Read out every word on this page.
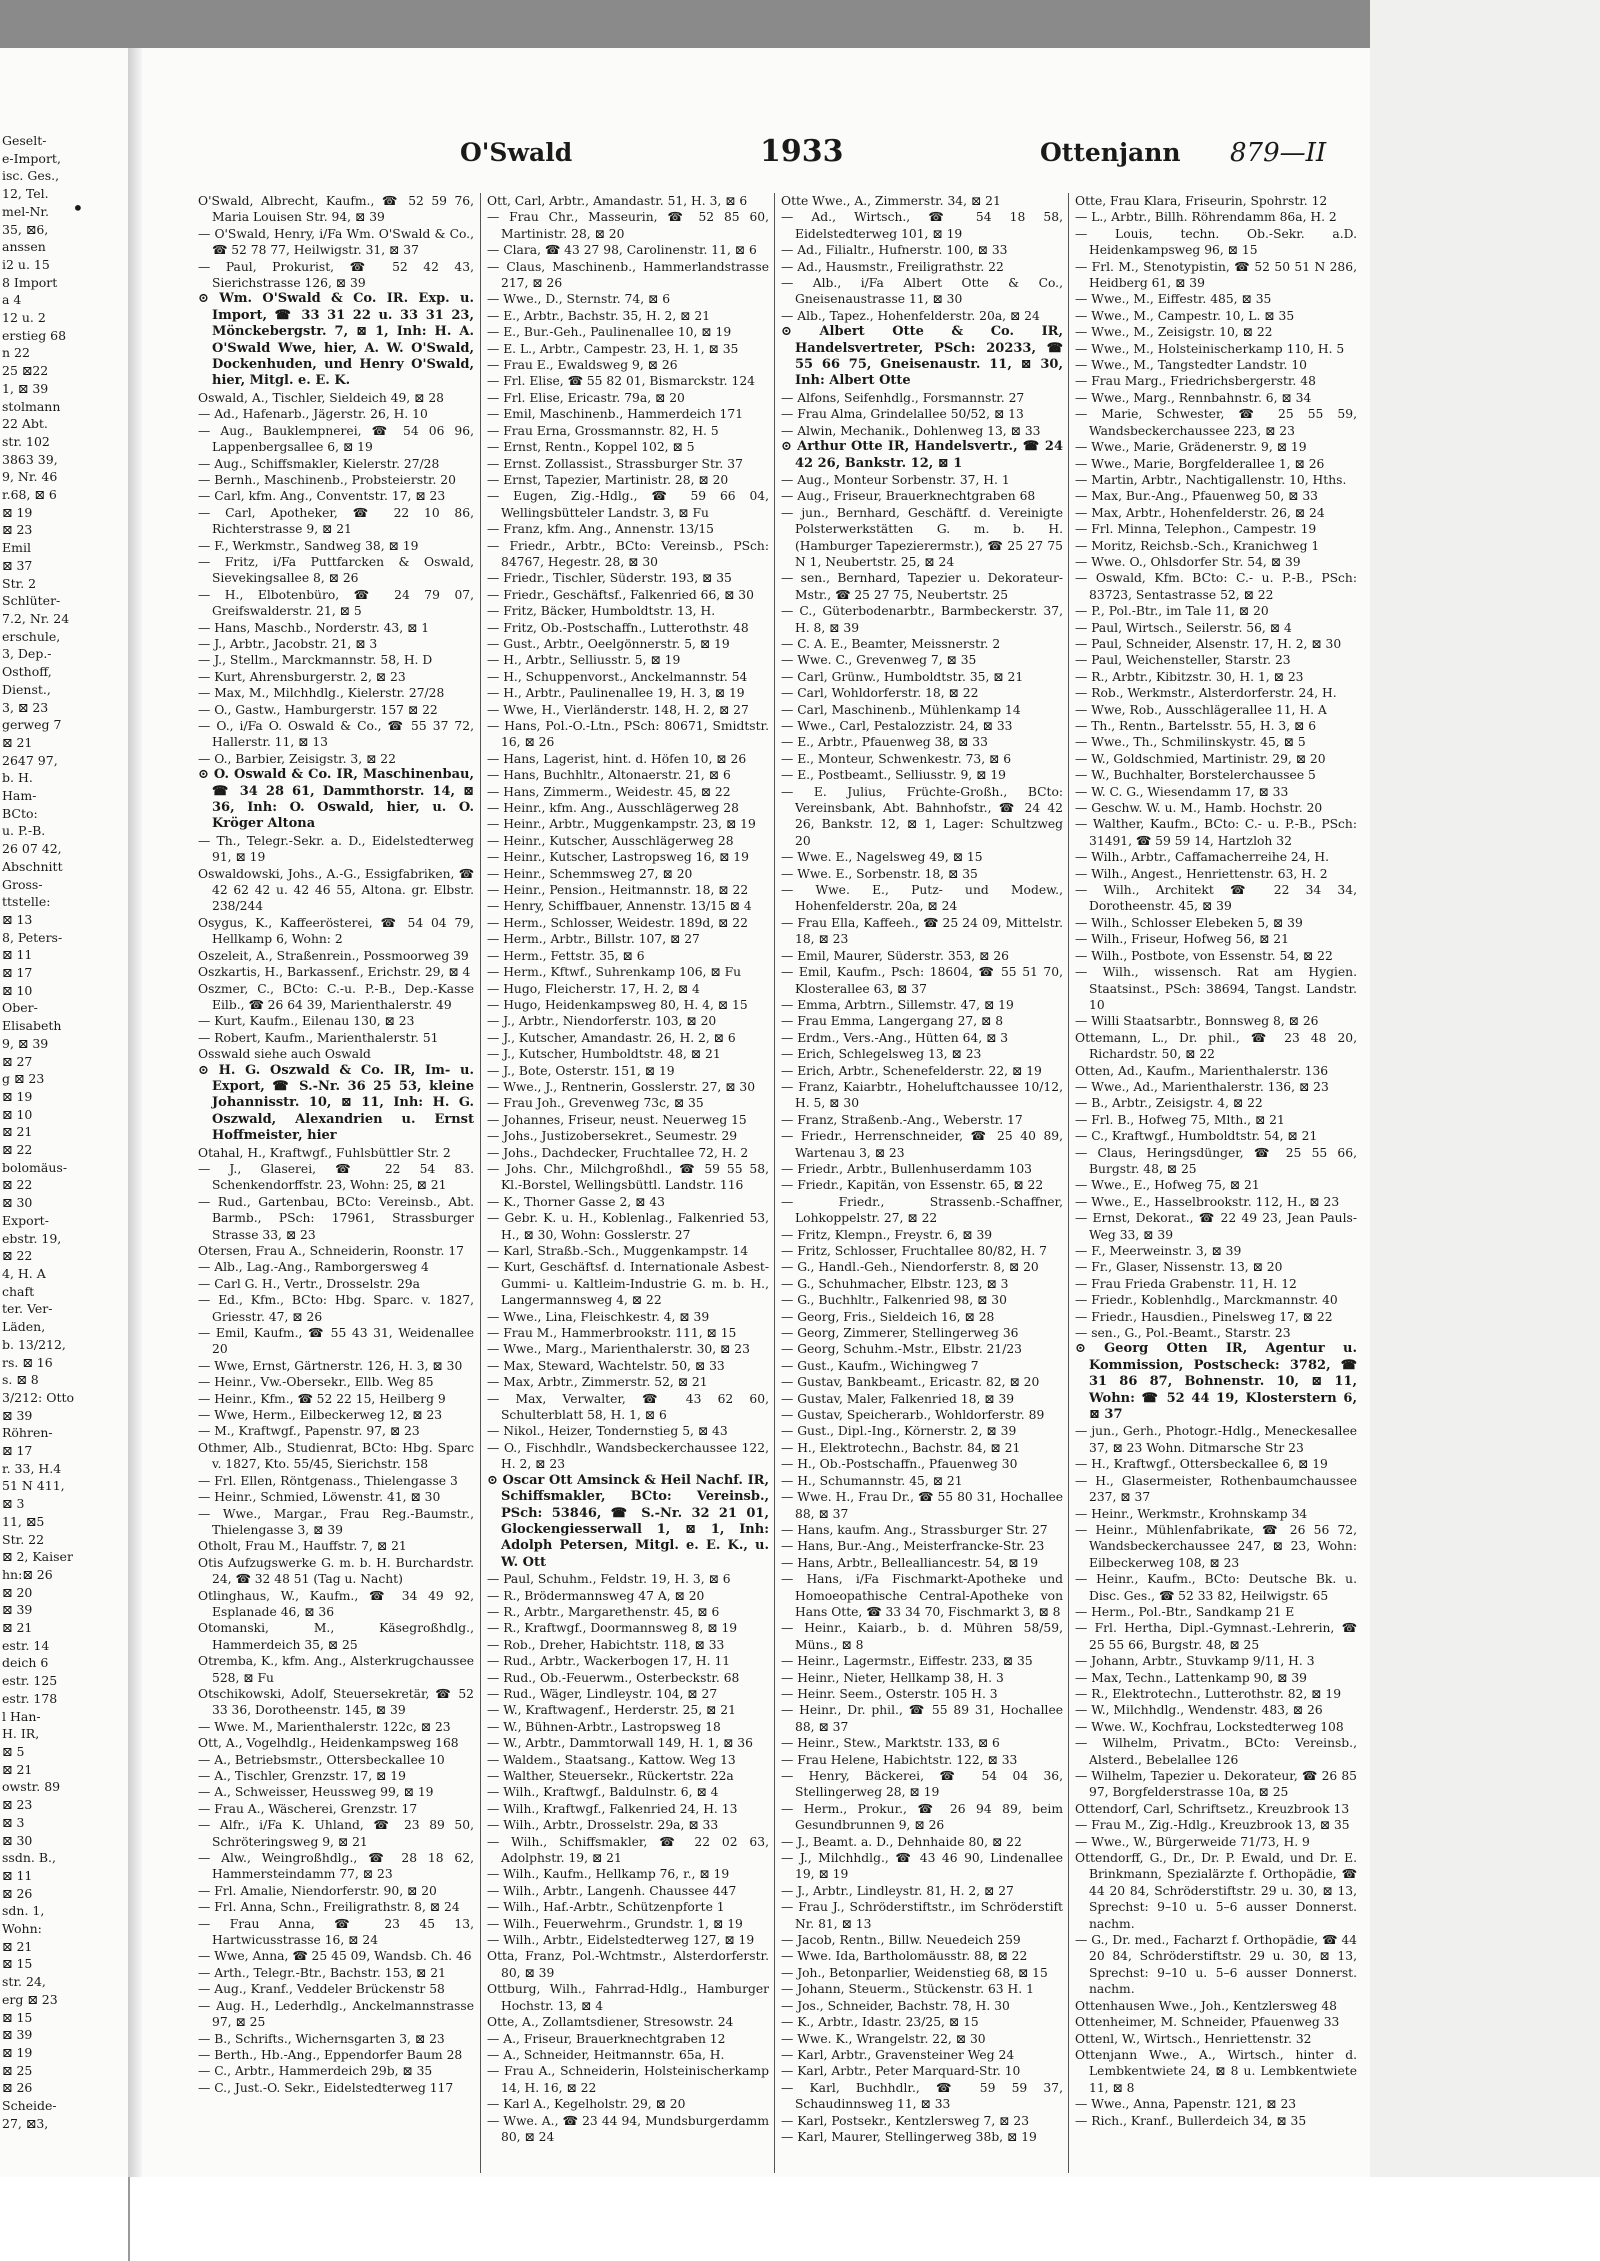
Geselt-
e-Import,
isc. Ges.,
12, Tel.
mel-Nr.
35, ⊠6,
anssen
i2 u. 15
8 Import
a 4
12 u. 2
erstieg 68
n 22
25 ⊠22
1, ⊠ 39
stolmann
22 Abt.
str. 102
3863 39,
9, Nr. 46
r.68, ⊠ 6
⊠ 19
⊠ 23
Emil
⊠ 37
Str. 2
Schlüter-
7.2, Nr. 24
erschule,
3, Dep.-
Osthoff,
Dienst.,
3, ⊠ 23
gerweg 7
⊠ 21
2647 97,
b. H.
Ham-
BCto:
u. P.-B.
26 07 42,
Abschnitt
Gross-
ttstelle:
⊠ 13
8, Peters-
⊠ 11
⊠ 17
⊠ 10
Ober-
Elisabeth
9, ⊠ 39
⊠ 27
g ⊠ 23
⊠ 19
⊠ 10
⊠ 21
⊠ 22
bolomäus-
⊠ 22
⊠ 30
Export-
ebstr. 19,
⊠ 22
4, H. A
chaft
ter. Ver-
Läden,
b. 13/212,
rs. ⊠ 16
s. ⊠ 8
3/212: Otto
⊠ 39
Röhren-
⊠ 17
r. 33, H.4
51 N 411,
⊠ 3
11, ⊠5
Str. 22
⊠ 2, Kaiser
hn:⊠ 26
⊠ 20
⊠ 39
⊠ 21
estr. 14
deich 6
estr. 125
estr. 178
l Han-
H. IR,
⊠ 5
⊠ 21
owstr. 89
⊠ 23
⊠ 3
⊠ 30
ssdn. B.,
⊠ 11
⊠ 26
sdn. 1,
Wohn:
⊠ 21
⊠ 15
str. 24,
erg ⊠ 23
⊠ 15
⊠ 39
⊠ 19
⊠ 25
⊠ 26
Scheide-
27, ⊠3,
•
O'Swald	1933	Ottenjann 879—II

O'Swald, Albrecht, Kaufm., ☎ 52 59 76, Maria Louisen Str. 94, ⊠ 39

— O'Swald, Henry, i/Fa Wm. O'Swald & Co., ☎ 52 78 77, Heilwigstr. 31, ⊠ 37

— Paul, Prokurist, ☎ 52 42 43, Sierichstrasse 126, ⊠ 39

⊙ Wm. O'Swald & Co. IR. Exp. u. Import, ☎ 33 31 22 u. 33 31 23, Mönckebergstr. 7, ⊠ 1, Inh: H. A. O'Swald Wwe, hier, A. W. O'Swald, Dockenhuden, und Henry O'Swald, hier, Mitgl. e. E. K.

Oswald, A., Tischler, Sieldeich 49, ⊠ 28

— Ad., Hafenarb., Jägerstr. 26, H. 10

— Aug., Bauklempnerei, ☎ 54 06 96, Lappenbergsallee 6, ⊠ 19

— Aug., Schiffsmakler, Kielerstr. 27/28

— Bernh., Maschinenb., Probsteierstr. 20

— Carl, kfm. Ang., Conventstr. 17, ⊠ 23

— Carl, Apotheker, ☎ 22 10 86, Richterstrasse 9, ⊠ 21

— F., Werkmstr., Sandweg 38, ⊠ 19

— Fritz, i/Fa Puttfarcken & Oswald, Sievekingsallee 8, ⊠ 26

— H., Elbotenbüro, ☎ 24 79 07, Greifswalderstr. 21, ⊠ 5

— Hans, Maschb., Norderstr. 43, ⊠ 1

— J., Arbtr., Jacobstr. 21, ⊠ 3

— J., Stellm., Marckmannstr. 58, H. D

— Kurt, Ahrensburgerstr. 2, ⊠ 23

— Max, M., Milchhdlg., Kielerstr. 27/28

— O., Gastw., Hamburgerstr. 157 ⊠ 22

— O., i/Fa O. Oswald & Co., ☎ 55 37 72, Hallerstr. 11, ⊠ 13

— O., Barbier, Zeisigstr. 3, ⊠ 22

⊙ O. Oswald & Co. IR, Maschinenbau, ☎ 34 28 61, Dammthorstr. 14, ⊠ 36, Inh: O. Oswald, hier, u. O. Kröger Altona

— Th., Telegr.-Sekr. a. D., Eidelstedterweg 91, ⊠ 19

Oswaldowski, Johs., A.-G., Essigfabriken, ☎ 42 62 42 u. 42 46 55, Altona. gr. Elbstr. 238/244

Osygus, K., Kaffeerösterei, ☎ 54 04 79, Hellkamp 6, Wohn: 2

Oszeleit, A., Straßenrein., Possmoorweg 39

Oszkartis, H., Barkassenf., Erichstr. 29, ⊠ 4

Oszmer, C., BCto: C.-u. P.-B., Dep.-Kasse Eilb., ☎ 26 64 39, Marienthalerstr. 49

— Kurt, Kaufm., Eilenau 130, ⊠ 23

— Robert, Kaufm., Marienthalerstr. 51

Osswald siehe auch Oswald

⊙ H. G. Oszwald & Co. IR, Im- u. Export, ☎ S.-Nr. 36 25 53, kleine Johannisstr. 10, ⊠ 11, Inh: H. G. Oszwald, Alexandrien u. Ernst Hoffmeister, hier

Otahal, H., Kraftwgf., Fuhlsbüttler Str. 2

— J., Glaserei, ☎ 22 54 83. Schenkendorffstr. 23, Wohn: 25, ⊠ 21

— Rud., Gartenbau, BCto: Vereinsb., Abt. Barmb., PSch: 17961, Strassburger Strasse 33, ⊠ 23

Otersen, Frau A., Schneiderin, Roonstr. 17

— Alb., Lag.-Ang., Ramborgersweg 4

— Carl G. H., Vertr., Drosselstr. 29a

— Ed., Kfm., BCto: Hbg. Sparc. v. 1827, Griesstr. 47, ⊠ 26

— Emil, Kaufm., ☎ 55 43 31, Weidenallee 20

— Wwe, Ernst, Gärtnerstr. 126, H. 3, ⊠ 30

— Heinr., Vw.-Obersekr., Ellb. Weg 85

— Heinr., Kfm., ☎ 52 22 15, Heilberg 9

— Wwe, Herm., Eilbeckerweg 12, ⊠ 23

— M., Kraftwgf., Papenstr. 97, ⊠ 23

Othmer, Alb., Studienrat, BCto: Hbg. Sparc v. 1827, Kto. 55/45, Sierichstr. 158

— Frl. Ellen, Röntgenass., Thielengasse 3

— Heinr., Schmied, Löwenstr. 41, ⊠ 30

— Wwe., Margar., Frau Reg.-Baumstr., Thielengasse 3, ⊠ 39

Otholt, Frau M., Hauffstr. 7, ⊠ 21

Otis Aufzugswerke G. m. b. H. Burchardstr. 24, ☎ 32 48 51 (Tag u. Nacht)

Otlinghaus, W., Kaufm., ☎ 34 49 92, Esplanade 46, ⊠ 36

Otomanski, M., Käsegroßhdlg., Hammerdeich 35, ⊠ 25

Otremba, K., kfm. Ang., Alsterkrugchaussee 528, ⊠ Fu

Otschikowski, Adolf, Steuersekretär, ☎ 52 33 36, Dorotheenstr. 145, ⊠ 39

— Wwe. M., Marienthalerstr. 122c, ⊠ 23

Ott, A., Vogelhdlg., Heidenkampsweg 168

— A., Betriebsmstr., Ottersbeckallee 10

— A., Tischler, Grenzstr. 17, ⊠ 19

— A., Schweisser, Heussweg 99, ⊠ 19

— Frau A., Wäscherei, Grenzstr. 17

— Alfr., i/Fa K. Uhland, ☎ 23 89 50, Schröteringsweg 9, ⊠ 21

— Alw., Weingroßhdlg., ☎ 28 18 62, Hammersteindamm 77, ⊠ 23

— Frl. Amalie, Niendorferstr. 90, ⊠ 20

— Frl. Anna, Schn., Freiligrathstr. 8, ⊠ 24

— Frau Anna, ☎ 23 45 13, Hartwicusstrasse 16, ⊠ 24

— Wwe, Anna, ☎ 25 45 09, Wandsb. Ch. 46

— Arth., Telegr.-Btr., Bachstr. 153, ⊠ 21

— Aug., Kranf., Veddeler Brückenstr 58

— Aug. H., Lederhdlg., Anckelmannstrasse 97, ⊠ 25

— B., Schrifts., Wichernsgarten 3, ⊠ 23

— Berth., Hb.-Ang., Eppendorfer Baum 28

— C., Arbtr., Hammerdeich 29b, ⊠ 35

— C., Just.-O. Sekr., Eidelstedterweg 117

Ott, Carl, Arbtr., Amandastr. 51, H. 3, ⊠ 6

— Frau Chr., Masseurin, ☎ 52 85 60, Martinistr. 28, ⊠ 20

— Clara, ☎ 43 27 98, Carolinenstr. 11, ⊠ 6

— Claus, Maschinenb., Hammerlandstrasse 217, ⊠ 26

— Wwe., D., Sternstr. 74, ⊠ 6

— E., Arbtr., Bachstr. 35, H. 2, ⊠ 21

— E., Bur.-Geh., Paulinenallee 10, ⊠ 19

— E. L., Arbtr., Campestr. 23, H. 1, ⊠ 35

— Frau E., Ewaldsweg 9, ⊠ 26

— Frl. Elise, ☎ 55 82 01, Bismarckstr. 124

— Frl. Elise, Ericastr. 79a, ⊠ 20

— Emil, Maschinenb., Hammerdeich 171

— Frau Erna, Grossmannstr. 82, H. 5

— Ernst, Rentn., Koppel 102, ⊠ 5

— Ernst. Zollassist., Strassburger Str. 37

— Ernst, Tapezier, Martinistr. 28, ⊠ 20

— Eugen, Zig.-Hdlg., ☎ 59 66 04, Wellingsbütteler Landstr. 3, ⊠ Fu

— Franz, kfm. Ang., Annenstr. 13/15

— Friedr., Arbtr., BCto: Vereinsb., PSch: 84767, Hegestr. 28, ⊠ 30

— Friedr., Tischler, Süderstr. 193, ⊠ 35

— Friedr., Geschäftsf., Falkenried 66, ⊠ 30

— Fritz, Bäcker, Humboldtstr. 13, H.

— Fritz, Ob.-Postschaffn., Lutterothstr. 48

— Gust., Arbtr., Oeelgönnerstr. 5, ⊠ 19

— H., Arbtr., Selliusstr. 5, ⊠ 19

— H., Schuppenvorst., Anckelmannstr. 54

— H., Arbtr., Paulinenallee 19, H. 3, ⊠ 19

— Wwe, H., Vierländerstr. 148, H. 2, ⊠ 27

— Hans, Pol.-O.-Ltn., PSch: 80671, Smidtstr. 16, ⊠ 26

— Hans, Lagerist, hint. d. Höfen 10, ⊠ 26

— Hans, Buchhltr., Altonaerstr. 21, ⊠ 6

— Hans, Zimmerm., Weidestr. 45, ⊠ 22

— Heinr., kfm. Ang., Ausschlägerweg 28

— Heinr., Arbtr., Muggenkampstr. 23, ⊠ 19

— Heinr., Kutscher, Ausschlägerweg 28

— Heinr., Kutscher, Lastropsweg 16, ⊠ 19

— Heinr., Schemmsweg 27, ⊠ 20

— Heinr., Pension., Heitmannstr. 18, ⊠ 22

— Henry, Schiffbauer, Annenstr. 13/15 ⊠ 4

— Herm., Schlosser, Weidestr. 189d, ⊠ 22

— Herm., Arbtr., Billstr. 107, ⊠ 27

— Herm., Fettstr. 35, ⊠ 6

— Herm., Kftwf., Suhrenkamp 106, ⊠ Fu

— Hugo, Fleicherstr. 17, H. 2, ⊠ 4

— Hugo, Heidenkampsweg 80, H. 4, ⊠ 15

— J., Arbtr., Niendorferstr. 103, ⊠ 20

— J., Kutscher, Amandastr. 26, H. 2, ⊠ 6

— J., Kutscher, Humboldtstr. 48, ⊠ 21

— J., Bote, Osterstr. 151, ⊠ 19

— Wwe., J., Rentnerin, Gosslerstr. 27, ⊠ 30

— Frau Joh., Grevenweg 73c, ⊠ 35

— Johannes, Friseur, neust. Neuerweg 15

— Johs., Justizobersekret., Seumestr. 29

— Johs., Dachdecker, Fruchtallee 72, H. 2

— Johs. Chr., Milchgroßhdl., ☎ 59 55 58, Kl.-Borstel, Wellingsbüttl. Landstr. 116

— K., Thorner Gasse 2, ⊠ 43

— Gebr. K. u. H., Koblenlag., Falkenried 53, H., ⊠ 30, Wohn: Gosslerstr. 27

— Karl, Straßb.-Sch., Muggenkampstr. 14

— Kurt, Geschäftsf. d. Internationale Asbest-Gummi- u. Kaltleim-Industrie G. m. b. H., Langermannsweg 4, ⊠ 22

— Wwe., Lina, Fleischkestr. 4, ⊠ 39

— Frau M., Hammerbrookstr. 111, ⊠ 15

— Wwe., Marg., Marienthalerstr. 30, ⊠ 23

— Max, Steward, Wachtelstr. 50, ⊠ 33

— Max, Arbtr., Zimmerstr. 52, ⊠ 21

— Max, Verwalter, ☎ 43 62 60, Schulterblatt 58, H. 1, ⊠ 6

— Nikol., Heizer, Tondernstieg 5, ⊠ 43

— O., Fischhdlr., Wandsbeckerchaussee 122, H. 2, ⊠ 23

⊙ Oscar Ott Amsinck & Heil Nachf. IR, Schiffsmakler, BCto: Vereinsb., PSch: 53846, ☎ S.-Nr. 32 21 01, Glockengiesserwall 1, ⊠ 1, Inh: Adolph Petersen, Mitgl. e. E. K., u. W. Ott

— Paul, Schuhm., Feldstr. 19, H. 3, ⊠ 6

— R., Brödermannsweg 47 A, ⊠ 20

— R., Arbtr., Margarethenstr. 45, ⊠ 6

— R., Kraftwgf., Doormannsweg 8, ⊠ 19

— Rob., Dreher, Habichtstr. 118, ⊠ 33

— Rud., Arbtr., Wackerbogen 17, H. 11

— Rud., Ob.-Feuerwm., Osterbeckstr. 68

— Rud., Wäger, Lindleystr. 104, ⊠ 27

— W., Kraftwagenf., Herderstr. 25, ⊠ 21

— W., Bühnen-Arbtr., Lastropsweg 18

— W., Arbtr., Dammtorwall 149, H. 1, ⊠ 36

— Waldem., Staatsang., Kattow. Weg 13

— Walther, Steuersekr., Rückertstr. 22a

— Wilh., Kraftwgf., Baldulnstr. 6, ⊠ 4

— Wilh., Kraftwgf., Falkenried 24, H. 13

— Wilh., Arbtr., Drosselstr. 29a, ⊠ 33

— Wilh., Schiffsmakler, ☎ 22 02 63, Adolphstr. 19, ⊠ 21

— Wilh., Kaufm., Hellkamp 76, r., ⊠ 19

— Wilh., Arbtr., Langenh. Chaussee 447

— Wilh., Haf.-Arbtr., Schützenpforte 1

— Wilh., Feuerwehrm., Grundstr. 1, ⊠ 19

— Wilh., Arbtr., Eidelstedterweg 127, ⊠ 19

Otta, Franz, Pol.-Wchtmstr., Alsterdorferstr. 80, ⊠ 39

Ottburg, Wilh., Fahrrad-Hdlg., Hamburger Hochstr. 13, ⊠ 4

Otte, A., Zollamtsdiener, Stresowstr. 24

— A., Friseur, Brauerknechtgraben 12

— A., Schneider, Heitmannstr. 65a, H.

— Frau A., Schneiderin, Holsteinischerkamp 14, H. 16, ⊠ 22

— Karl A., Kegelholstr. 29, ⊠ 20

— Wwe. A., ☎ 23 44 94, Mundsburgerdamm 80, ⊠ 24

Otte Wwe., A., Zimmerstr. 34, ⊠ 21

— Ad., Wirtsch., ☎ 54 18 58, Eidelstedterweg 101, ⊠ 19

— Ad., Filialtr., Hufnerstr. 100, ⊠ 33

— Ad., Hausmstr., Freiligrathstr. 22

— Alb., i/Fa Albert Otte & Co., Gneisenaustrasse 11, ⊠ 30

— Alb., Tapez., Hohenfelderstr. 20a, ⊠ 24

⊙ Albert Otte & Co. IR, Handelsvertreter, PSch: 20233, ☎ 55 66 75, Gneisenaustr. 11, ⊠ 30, Inh: Albert Otte

— Alfons, Seifenhdlg., Forsmannstr. 27

— Frau Alma, Grindelallee 50/52, ⊠ 13

— Alwin, Mechanik., Dohlenweg 13, ⊠ 33

⊙ Arthur Otte IR, Handelsvertr., ☎ 24 42 26, Bankstr. 12, ⊠ 1

— Aug., Monteur Sorbenstr. 37, H. 1

— Aug., Friseur, Brauerknechtgraben 68

— jun., Bernhard, Geschäftf. d. Vereinigte Polsterwerkstätten G. m. b. H. (Hamburger Tapezierermstr.), ☎ 25 27 75 N 1, Neubertstr. 25, ⊠ 24

— sen., Bernhard, Tapezier u. Dekorateur-Mstr., ☎ 25 27 75, Neubertstr. 25

— C., Güterbodenarbtr., Barmbeckerstr. 37, H. 8, ⊠ 39

— C. A. E., Beamter, Meissnerstr. 2

— Wwe. C., Grevenweg 7, ⊠ 35

— Carl, Grünw., Humboldtstr. 35, ⊠ 21

— Carl, Wohldorferstr. 18, ⊠ 22

— Carl, Maschinenb., Mühlenkamp 14

— Wwe., Carl, Pestalozzistr. 24, ⊠ 33

— E., Arbtr., Pfauenweg 38, ⊠ 33

— E., Monteur, Schwenkestr. 73, ⊠ 6

— E., Postbeamt., Selliusstr. 9, ⊠ 19

— E. Julius, Früchte-Großh., BCto: Vereinsbank, Abt. Bahnhofstr., ☎ 24 42 26, Bankstr. 12, ⊠ 1, Lager: Schultzweg 20

— Wwe. E., Nagelsweg 49, ⊠ 15

— Wwe. E., Sorbenstr. 18, ⊠ 35

— Wwe. E., Putz- und Modew., Hohenfelderstr. 20a, ⊠ 24

— Frau Ella, Kaffeeh., ☎ 25 24 09, Mittelstr. 18, ⊠ 23

— Emil, Maurer, Süderstr. 353, ⊠ 26

— Emil, Kaufm., Psch: 18604, ☎ 55 51 70, Klosterallee 63, ⊠ 37

— Emma, Arbtrn., Sillemstr. 47, ⊠ 19

— Frau Emma, Langergang 27, ⊠ 8

— Erdm., Vers.-Ang., Hütten 64, ⊠ 3

— Erich, Schlegelsweg 13, ⊠ 23

— Erich, Arbtr., Schenefelderstr. 22, ⊠ 19

— Franz, Kaiarbtr., Hoheluftchaussee 10/12, H. 5, ⊠ 30

— Franz, Straßenb.-Ang., Weberstr. 17

— Friedr., Herrenschneider, ☎ 25 40 89, Wartenau 3, ⊠ 23

— Friedr., Arbtr., Bullenhuserdamm 103

— Friedr., Kapitän, von Essenstr. 65, ⊠ 22

— Friedr., Strassenb.-Schaffner, Lohkoppelstr. 27, ⊠ 22

— Fritz, Klempn., Freystr. 6, ⊠ 39

— Fritz, Schlosser, Fruchtallee 80/82, H. 7

— G., Handl.-Geh., Niendorferstr. 8, ⊠ 20

— G., Schuhmacher, Elbstr. 123, ⊠ 3

— G., Buchhltr., Falkenried 98, ⊠ 30

— Georg, Fris., Sieldeich 16, ⊠ 28

— Georg, Zimmerer, Stellingerweg 36

— Georg, Schuhm.-Mstr., Elbstr. 21/23

— Gust., Kaufm., Wichingweg 7

— Gustav, Bankbeamt., Ericastr. 82, ⊠ 20

— Gustav, Maler, Falkenried 18, ⊠ 39

— Gustav, Speicherarb., Wohldorferstr. 89

— Gust., Dipl.-Ing., Körnerstr. 2, ⊠ 39

— H., Elektrotechn., Bachstr. 84, ⊠ 21

— H., Ob.-Postschaffn., Pfauenweg 30

— H., Schumannstr. 45, ⊠ 21

— Wwe. H., Frau Dr., ☎ 55 80 31, Hochallee 88, ⊠ 37

— Hans, kaufm. Ang., Strassburger Str. 27

— Hans, Bur.-Ang., Meisterfrancke-Str. 23

— Hans, Arbtr., Bellealliancestr. 54, ⊠ 19

— Hans, i/Fa Fischmarkt-Apotheke und Homoeopathische Central-Apotheke von Hans Otte, ☎ 33 34 70, Fischmarkt 3, ⊠ 8

— Heinr., Kaiarb., b. d. Mühren 58/59, Müns., ⊠ 8

— Heinr., Lagermstr., Eiffestr. 233, ⊠ 35

— Heinr., Nieter, Hellkamp 38, H. 3

— Heinr. Seem., Osterstr. 105 H. 3

— Heinr., Dr. phil., ☎ 55 89 31, Hochallee 88, ⊠ 37

— Heinr., Stew., Marktstr. 133, ⊠ 6

— Frau Helene, Habichtstr. 122, ⊠ 33

— Henry, Bäckerei, ☎ 54 04 36, Stellingerweg 28, ⊠ 19

— Herm., Prokur., ☎ 26 94 89, beim Gesundbrunnen 9, ⊠ 26

— J., Beamt. a. D., Dehnhaide 80, ⊠ 22

— J., Milchhdlg., ☎ 43 46 90, Lindenallee 19, ⊠ 19

— J., Arbtr., Lindleystr. 81, H. 2, ⊠ 27

— Frau J., Schröderstiftstr., im Schröderstift Nr. 81, ⊠ 13

— Jacob, Rentn., Billw. Neuedeich 259

— Wwe. Ida, Bartholomäusstr. 88, ⊠ 22

— Joh., Betonparlier, Weidenstieg 68, ⊠ 15

— Johann, Steuerm., Stückenstr. 63 H. 1

— Jos., Schneider, Bachstr. 78, H. 30

— K., Arbtr., Idastr. 23/25, ⊠ 15

— Wwe. K., Wrangelstr. 22, ⊠ 30

— Karl, Arbtr., Gravensteiner Weg 24

— Karl, Arbtr., Peter Marquard-Str. 10

— Karl, Buchhdlr., ☎ 59 59 37, Schaudinnsweg 11, ⊠ 33

— Karl, Postsekr., Kentzlersweg 7, ⊠ 23

— Karl, Maurer, Stellingerweg 38b, ⊠ 19

Otte, Frau Klara, Friseurin, Spohrstr. 12

— L., Arbtr., Billh. Röhrendamm 86a, H. 2

— Louis, techn. Ob.-Sekr. a.D. Heidenkampsweg 96, ⊠ 15

— Frl. M., Stenotypistin, ☎ 52 50 51 N 286, Heidberg 61, ⊠ 39

— Wwe., M., Eiffestr. 485, ⊠ 35

— Wwe., M., Campestr. 10, L. ⊠ 35

— Wwe., M., Zeisigstr. 10, ⊠ 22

— Wwe., M., Holsteinischerkamp 110, H. 5

— Wwe., M., Tangstedter Landstr. 10

— Frau Marg., Friedrichsbergerstr. 48

— Wwe., Marg., Rennbahnstr. 6, ⊠ 34

— Marie, Schwester, ☎ 25 55 59, Wandsbeckerchaussee 223, ⊠ 23

— Wwe., Marie, Grädenerstr. 9, ⊠ 19

— Wwe., Marie, Borgfelderallee 1, ⊠ 26

— Martin, Arbtr., Nachtigallenstr. 10, Hths.

— Max, Bur.-Ang., Pfauenweg 50, ⊠ 33

— Max, Arbtr., Hohenfelderstr. 26, ⊠ 24

— Frl. Minna, Telephon., Campestr. 19

— Moritz, Reichsb.-Sch., Kranichweg 1

— Wwe. O., Ohlsdorfer Str. 54, ⊠ 39

— Oswald, Kfm. BCto: C.- u. P.-B., PSch: 83723, Sentastrasse 52, ⊠ 22

— P., Pol.-Btr., im Tale 11, ⊠ 20

— Paul, Wirtsch., Seilerstr. 56, ⊠ 4

— Paul, Schneider, Alsenstr. 17, H. 2, ⊠ 30

— Paul, Weichensteller, Starstr. 23

— R., Arbtr., Kibitzstr. 30, H. 1, ⊠ 23

— Rob., Werkmstr., Alsterdorferstr. 24, H.

— Wwe, Rob., Ausschlägerallee 11, H. A

— Th., Rentn., Bartelsstr. 55, H. 3, ⊠ 6

— Wwe., Th., Schmilinskystr. 45, ⊠ 5

— W., Goldschmied, Martinistr. 29, ⊠ 20

— W., Buchhalter, Borstelerchaussee 5

— W. C. G., Wiesendamm 17, ⊠ 33

— Geschw. W. u. M., Hamb. Hochstr. 20

— Walther, Kaufm., BCto: C.- u. P.-B., PSch: 31491, ☎ 59 59 14, Hartzloh 32

— Wilh., Arbtr., Caffamacherreihe 24, H.

— Wilh., Angest., Henriettenstr. 63, H. 2

— Wilh., Architekt ☎ 22 34 34, Dorotheenstr. 45, ⊠ 39

— Wilh., Schlosser Elebeken 5, ⊠ 39

— Wilh., Friseur, Hofweg 56, ⊠ 21

— Wilh., Postbote, von Essenstr. 54, ⊠ 22

— Wilh., wissensch. Rat am Hygien. Staatsinst., PSch: 38694, Tangst. Landstr. 10

— Willi Staatsarbtr., Bonnsweg 8, ⊠ 26

Ottemann, L., Dr. phil., ☎ 23 48 20, Richardstr. 50, ⊠ 22

Otten, Ad., Kaufm., Marienthalerstr. 136

— Wwe., Ad., Marienthalerstr. 136, ⊠ 23

— B., Arbtr., Zeisigstr. 4, ⊠ 22

— Frl. B., Hofweg 75, Mlth., ⊠ 21

— C., Kraftwgf., Humboldtstr. 54, ⊠ 21

— Claus, Heringsdünger, ☎ 25 55 66, Burgstr. 48, ⊠ 25

— Wwe., E., Hofweg 75, ⊠ 21

— Wwe., E., Hasselbrookstr. 112, H., ⊠ 23

— Ernst, Dekorat., ☎ 22 49 23, Jean Pauls-Weg 33, ⊠ 39

— F., Meerweinstr. 3, ⊠ 39

— Fr., Glaser, Nissenstr. 13, ⊠ 20

— Frau Frieda Grabenstr. 11, H. 12

— Friedr., Koblenhdlg., Marckmannstr. 40

— Friedr., Hausdien., Pinelsweg 17, ⊠ 22

— sen., G., Pol.-Beamt., Starstr. 23

⊙ Georg Otten IR, Agentur u. Kommission, Postscheck: 3782, ☎ 31 86 87, Bohnenstr. 10, ⊠ 11, Wohn: ☎ 52 44 19, Klosterstern 6, ⊠ 37

— jun., Gerh., Photogr.-Hdlg., Meneckesallee 37, ⊠ 23 Wohn. Ditmarsche Str 23

— H., Kraftwgf., Ottersbeckallee 6, ⊠ 19

— H., Glasermeister, Rothenbaumchaussee 237, ⊠ 37

— Heinr., Werkmstr., Krohnskamp 34

— Heinr., Mühlenfabrikate, ☎ 26 56 72, Wandsbeckerchaussee 247, ⊠ 23, Wohn: Eilbeckerweg 108, ⊠ 23

— Heinr., Kaufm., BCto: Deutsche Bk. u. Disc. Ges., ☎ 52 33 82, Heilwigstr. 65

— Herm., Pol.-Btr., Sandkamp 21 E

— Frl. Hertha, Dipl.-Gymnast.-Lehrerin, ☎ 25 55 66, Burgstr. 48, ⊠ 25

— Johann, Arbtr., Stuvkamp 9/11, H. 3

— Max, Techn., Lattenkamp 90, ⊠ 39

— R., Elektrotechn., Lutterothstr. 82, ⊠ 19

— W., Milchhdlg., Wendenstr. 483, ⊠ 26

— Wwe. W., Kochfrau, Lockstedterweg 108

— Wilhelm, Privatm., BCto: Vereinsb., Alsterd., Bebelallee 126

— Wilhelm, Tapezier u. Dekorateur, ☎ 26 85 97, Borgfelderstrasse 10a, ⊠ 25

Ottendorf, Carl, Schriftsetz., Kreuzbrook 13

— Frau M., Zig.-Hdlg., Kreuzbrook 13, ⊠ 35

— Wwe., W., Bürgerweide 71/73, H. 9

Ottendorff, G., Dr., Dr. P. Ewald, und Dr. E. Brinkmann, Spezialärzte f. Orthopädie, ☎ 44 20 84, Schröderstiftstr. 29 u. 30, ⊠ 13, Sprechst: 9–10 u. 5–6 ausser Donnerst. nachm.

— G., Dr. med., Facharzt f. Orthopädie, ☎ 44 20 84, Schröderstiftstr. 29 u. 30, ⊠ 13, Sprechst: 9–10 u. 5–6 ausser Donnerst. nachm.

Ottenhausen Wwe., Joh., Kentzlersweg 48

Ottenheimer, M. Schneider, Pfauenweg 33

Ottenl, W., Wirtsch., Henriettenstr. 32

Ottenjann Wwe., A., Wirtsch., hinter d. Lembkentwiete 24, ⊠ 8 u. Lembkentwiete 11, ⊠ 8

— Wwe., Anna, Papenstr. 121, ⊠ 23

— Rich., Kranf., Bullerdeich 34, ⊠ 35
